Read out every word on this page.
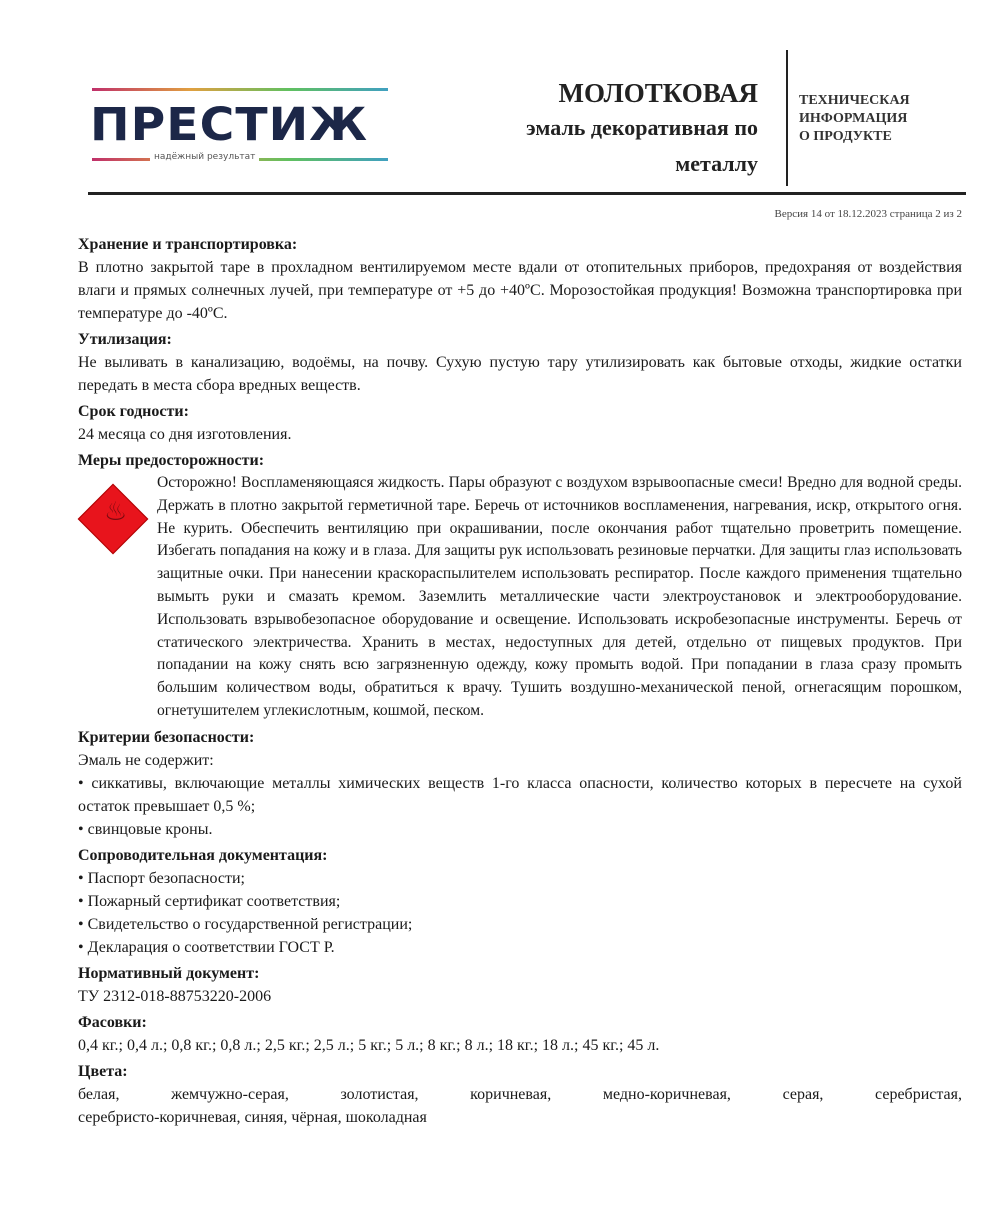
ПРЕСТИЖ
надёжный результат
МОЛОТКОВАЯ
эмаль декоративная по
металлу
ТЕХНИЧЕСКАЯ
ИНФОРМАЦИЯ
О ПРОДУКТЕ
Версия 14 от 18.12.2023 страница 2 из 2
Хранение и транспортировка:
В плотно закрытой таре в прохладном вентилируемом месте вдали от отопительных приборов, предохраняя от воздействия влаги и прямых солнечных лучей, при температуре от +5 до +40ºС. Морозостойкая продукция! Возможна транспортировка при температуре до -40ºС.
Утилизация:
Не выливать в канализацию, водоёмы, на почву. Сухую пустую тару утилизировать как бытовые отходы, жидкие остатки передать в места сбора вредных веществ.
Срок годности:
24 месяца со дня изготовления.
Меры предосторожности:
♨
Осторожно! Воспламеняющаяся жидкость. Пары образуют с воздухом взрывоопасные смеси! Вредно для водной среды. Держать в плотно закрытой герметичной таре. Беречь от источников воспламенения, нагревания, искр, открытого огня. Не курить. Обеспечить вентиляцию при окрашивании, после окончания работ тщательно проветрить помещение. Избегать попадания на кожу и в глаза. Для защиты рук использовать резиновые перчатки. Для защиты глаз использовать защитные очки. При нанесении краскораспылителем использовать респиратор. После каждого применения тщательно вымыть руки и смазать кремом. Заземлить металлические части электроустановок и электрооборудование. Использовать взрывобезопасное оборудование и освещение. Использовать искробезопасные инструменты. Беречь от статического электричества. Хранить в местах, недоступных для детей, отдельно от пищевых продуктов. При попадании на кожу снять всю загрязненную одежду, кожу промыть водой. При попадании в глаза сразу промыть большим количеством воды, обратиться к врачу. Тушить воздушно-механической пеной, огнегасящим порошком, огнетушителем углекислотным, кошмой, песком.
Критерии безопасности:
Эмаль не содержит:
• сиккативы, включающие металлы химических веществ 1-го класса опасности, количество которых в пересчете на сухой остаток превышает 0,5 %;
• свинцовые кроны.
Сопроводительная документация:
• Паспорт безопасности;
• Пожарный сертификат соответствия;
• Свидетельство о государственной регистрации;
• Декларация о соответствии ГОСТ Р.
Нормативный документ:
ТУ 2312-018-88753220-2006
Фасовки:
0,4 кг.; 0,4 л.; 0,8 кг.; 0,8 л.; 2,5 кг.; 2,5 л.; 5 кг.; 5 л.; 8 кг.; 8 л.; 18 кг.; 18 л.; 45 кг.; 45 л.
Цвета:
белая,	жемчужно-серая,	золотистая,	коричневая,	медно-коричневая,	серая,	серебристая,
серебристо-коричневая, синяя, чёрная, шоколадная
